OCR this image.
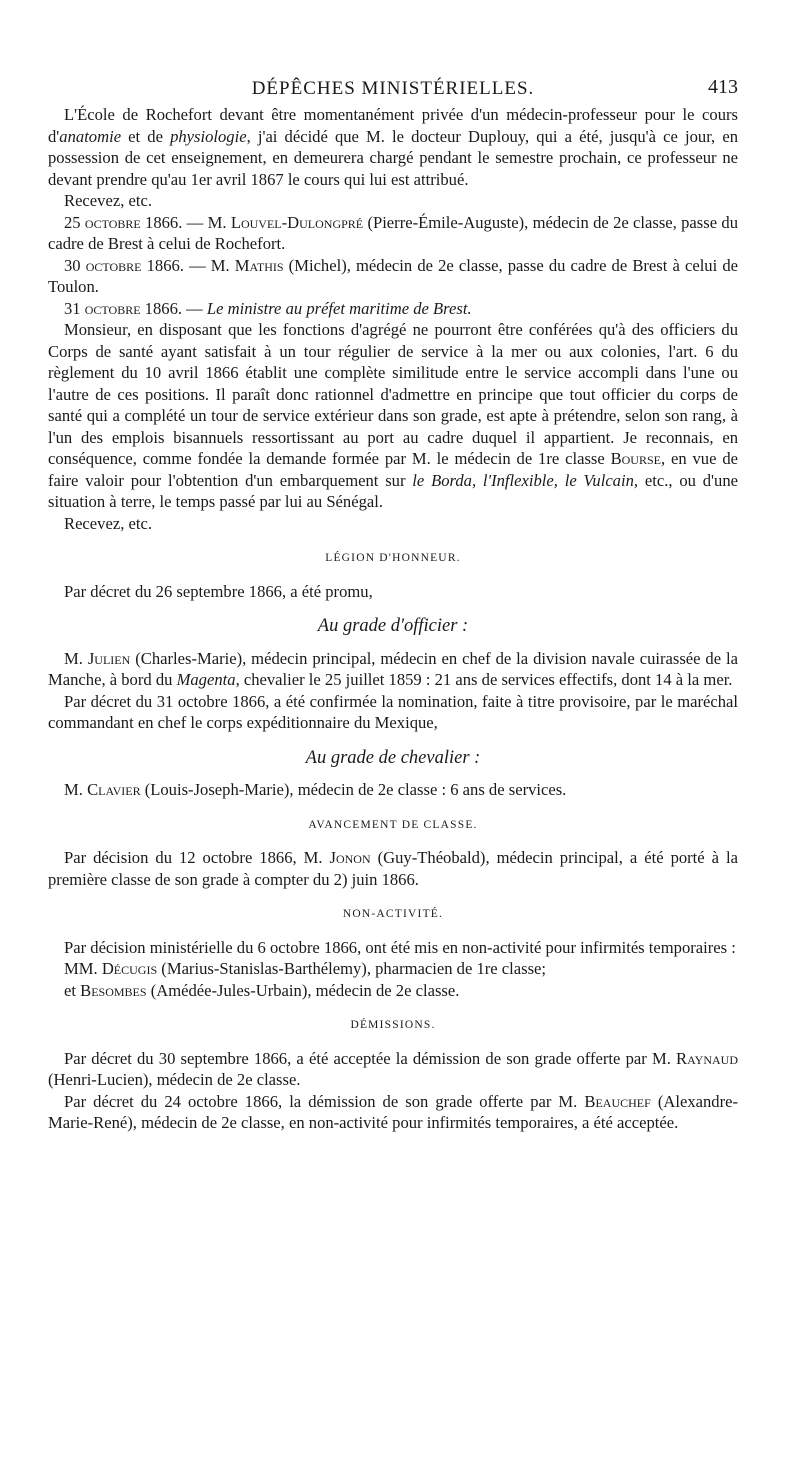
DÉPÊCHES MINISTÉRIELLES.	413

L'École de Rochefort devant être momentanément privée d'un médecin-professeur pour le cours d'anatomie et de physiologie, j'ai décidé que M. le docteur Duplouy, qui a été, jusqu'à ce jour, en possession de cet enseignement, en demeurera chargé pendant le semestre prochain, ce professeur ne devant prendre qu'au 1er avril 1867 le cours qui lui est attribué.

Recevez, etc.

25 octobre 1866. — M. Louvel-Dulongpré (Pierre-Émile-Auguste), médecin de 2e classe, passe du cadre de Brest à celui de Rochefort.

30 octobre 1866. — M. Mathis (Michel), médecin de 2e classe, passe du cadre de Brest à celui de Toulon.

31 octobre 1866. — Le ministre au préfet maritime de Brest.

Monsieur, en disposant que les fonctions d'agrégé ne pourront être conférées qu'à des officiers du Corps de santé ayant satisfait à un tour régulier de service à la mer ou aux colonies, l'art. 6 du règlement du 10 avril 1866 établit une complète similitude entre le service accompli dans l'une ou l'autre de ces positions. Il paraît donc rationnel d'admettre en principe que tout officier du corps de santé qui a complété un tour de service extérieur dans son grade, est apte à prétendre, selon son rang, à l'un des emplois bisannuels ressortissant au port au cadre duquel il appartient. Je reconnais, en conséquence, comme fondée la demande formée par M. le médecin de 1re classe Bourse, en vue de faire valoir pour l'obtention d'un embarquement sur le Borda, l'Inflexible, le Vulcain, etc., ou d'une situation à terre, le temps passé par lui au Sénégal.

Recevez, etc.

LÉGION D'HONNEUR.

Par décret du 26 septembre 1866, a été promu,

Au grade d'officier :

M. Julien (Charles-Marie), médecin principal, médecin en chef de la division navale cuirassée de la Manche, à bord du Magenta, chevalier le 25 juillet 1859 : 21 ans de services effectifs, dont 14 à la mer.

Par décret du 31 octobre 1866, a été confirmée la nomination, faite à titre provisoire, par le maréchal commandant en chef le corps expéditionnaire du Mexique,

Au grade de chevalier :

M. Clavier (Louis-Joseph-Marie), médecin de 2e classe : 6 ans de services.

AVANCEMENT DE CLASSE.

Par décision du 12 octobre 1866, M. Jonon (Guy-Théobald), médecin principal, a été porté à la première classe de son grade à compter du 2) juin 1866.

NON-ACTIVITÉ.

Par décision ministérielle du 6 octobre 1866, ont été mis en non-activité pour infirmités temporaires :

MM. Décugis (Marius-Stanislas-Barthélemy), pharmacien de 1re classe;

et Besombes (Amédée-Jules-Urbain), médecin de 2e classe.

DÉMISSIONS.

Par décret du 30 septembre 1866, a été acceptée la démission de son grade offerte par M. Raynaud (Henri-Lucien), médecin de 2e classe.

Par décret du 24 octobre 1866, la démission de son grade offerte par M. Beauchef (Alexandre-Marie-René), médecin de 2e classe, en non-activité pour infirmités temporaires, a été acceptée.
